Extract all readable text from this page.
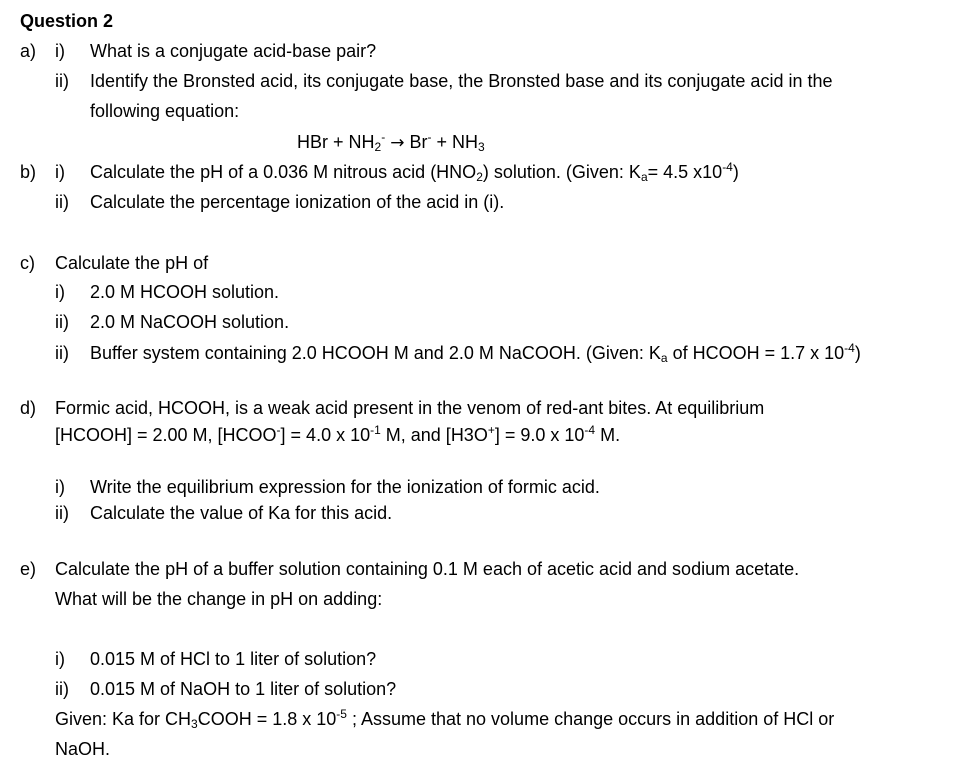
Question 2
a) i) What is a conjugate acid-base pair?
ii) Identify the Bronsted acid, its conjugate base, the Bronsted base and its conjugate acid in the
following equation:
HBr + $NH_2^- \to Br^- + NH_3$
b) i) Calculate the pH of a 0.036 M nitrous acid $(HNO_2)$ solution. (Given: $K_a= 4.5$ $x10^{-4}$)
ii) Calculate the percentage ionization of the acid in (i).
c) Calculate the pH of
i) 2.0 M HCOOH solution.
ii) 2.0 M NaCOOH solution.
ii) Buffer system containing 2.0 HCOOH M and 2.0 M NaCOOH. (Given: $K_a$ of HCOOH = 1.7 x $10^{-4}$)
d) Formic acid, HCOOH, is a weak acid present in the venom of red-ant bites. At equilibrium
[HCOOH] = 2.00 M, [HCOO-] = 4.0 x $10^{-1}$ M, and [H3O+] = 9.0 x $10^{-4}$ M.
i) Write the equilibrium expression for the ionization of formic acid.
ii) Calculate the value of Ka for this acid.
e) Calculate the pH of a buffer solution containing 0.1 M each of acetic acid and sodium acetate.
What will be the change in pH on adding:
i) 0.015 M of HCl to 1 liter of solution?
ii) 0.015 M of NaOH to 1 liter of solution?
Given: Ka for $CH_3COOH = 1.8$ x $10^{-5}$ ; Assume that no volume change occurs in addition of HCl or
NaOH.
